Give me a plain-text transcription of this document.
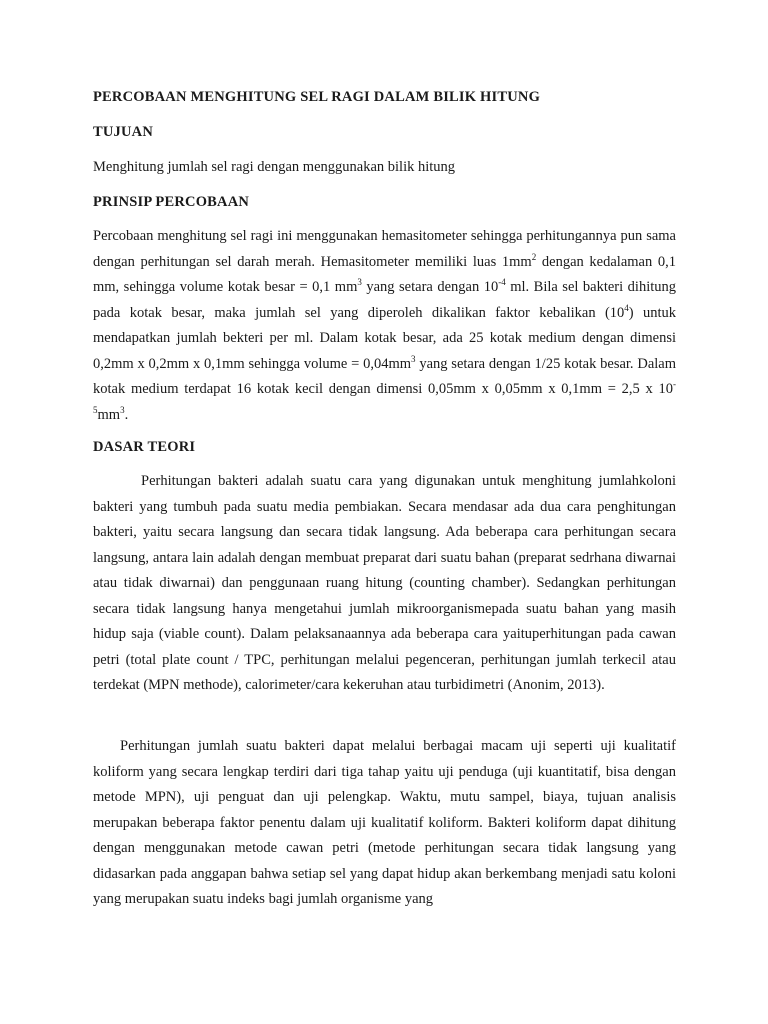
PERCOBAAN MENGHITUNG SEL RAGI DALAM BILIK HITUNG
TUJUAN

Menghitung jumlah sel ragi dengan menggunakan bilik hitung

PRINSIP PERCOBAAN

Percobaan menghitung sel ragi ini menggunakan hemasitometer sehingga perhitungannya pun sama dengan perhitungan sel darah merah. Hemasitometer memiliki luas $1mm^2$ dengan kedalaman 0,1 mm, sehingga volume kotak besar = 0,1 $mm^3$ yang setara dengan $10^{-4}$ ml. Bila sel bakteri dihitung pada kotak besar, maka jumlah sel yang diperoleh dikalikan faktor kebalikan $(10^4)$ untuk mendapatkan jumlah bekteri per ml. Dalam kotak besar, ada 25 kotak medium dengan dimensi 0,2mm x 0,2mm x 0,1mm sehingga volume = $0,04mm^3$ yang setara dengan 1/25 kotak besar. Dalam kotak medium terdapat 16 kotak kecil dengan dimensi 0,05mm x 0,05mm x 0,1mm = 2,5 x $10^{-5}mm^3$.

DASAR TEORI

Perhitungan bakteri adalah suatu cara yang digunakan untuk menghitung jumlahkoloni bakteri yang tumbuh pada suatu media pembiakan. Secara mendasar ada dua cara penghitungan bakteri, yaitu secara langsung dan secara tidak langsung. Ada beberapa cara perhitungan secara langsung, antara lain adalah dengan membuat preparat dari suatu bahan (preparat sedrhana diwarnai atau tidak diwarnai) dan penggunaan ruang hitung (counting chamber). Sedangkan perhitungan secara tidak langsung hanya mengetahui jumlah mikroorganismepada suatu bahan yang masih hidup saja (viable count). Dalam pelaksanaannya ada beberapa cara yaituperhitungan pada cawan petri (total plate count / TPC, perhitungan melalui pegenceran, perhitungan jumlah terkecil atau terdekat (MPN methode), calorimeter/cara kekeruhan atau turbidimetri (Anonim, 2013).

Perhitungan jumlah suatu bakteri dapat melalui berbagai macam uji seperti uji kualitatif koliform yang secara lengkap terdiri dari tiga tahap yaitu uji penduga (uji kuantitatif, bisa dengan metode MPN), uji penguat dan uji pelengkap. Waktu, mutu sampel, biaya, tujuan analisis merupakan beberapa faktor penentu dalam uji kualitatif koliform. Bakteri koliform dapat dihitung dengan menggunakan metode cawan petri (metode perhitungan secara tidak langsung yang didasarkan pada anggapan bahwa setiap sel yang dapat hidup akan berkembang menjadi satu koloni yang merupakan suatu indeks bagi jumlah organisme yang
